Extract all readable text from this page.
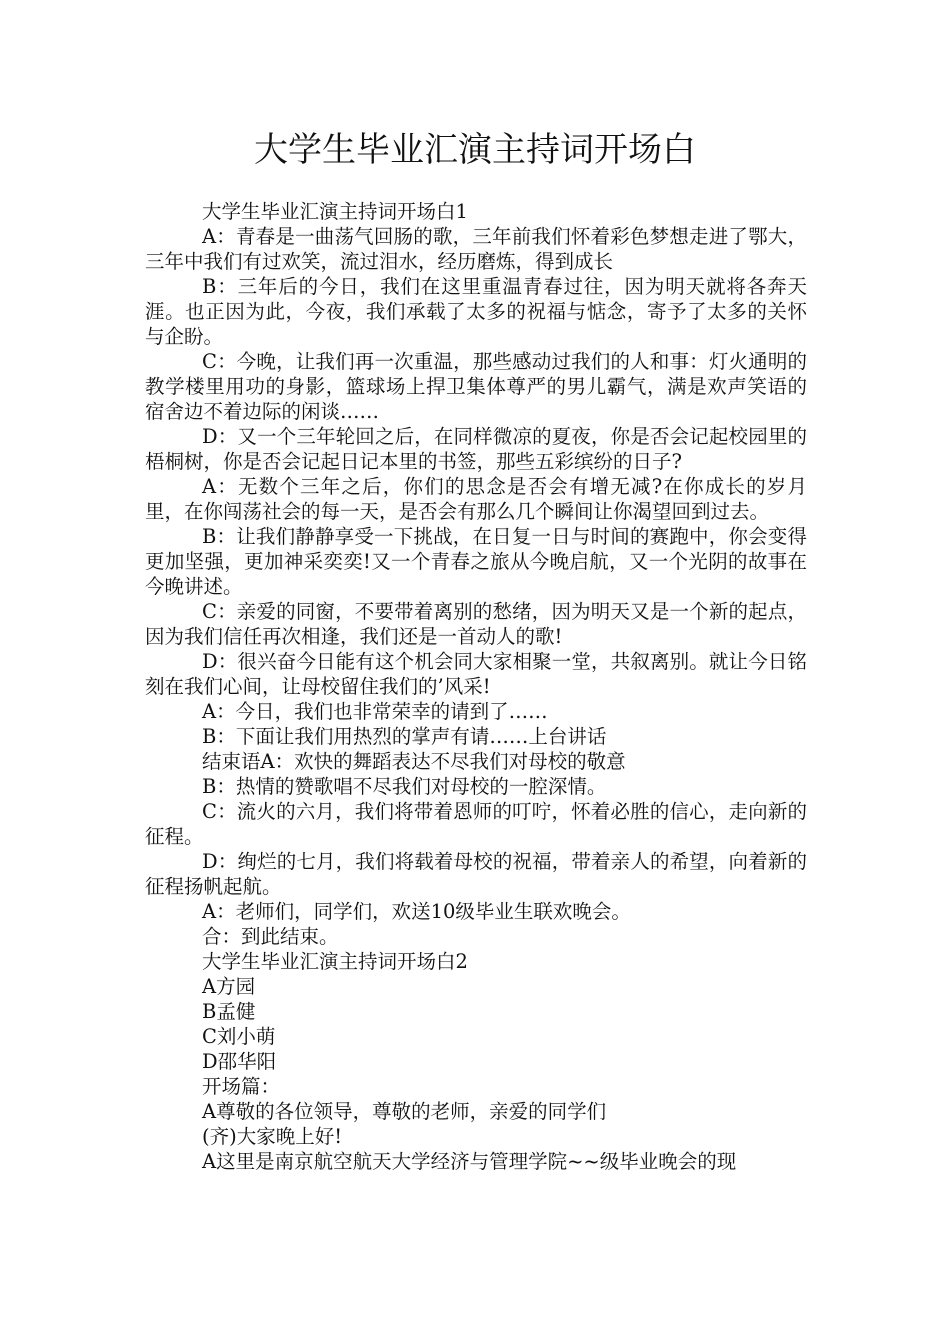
大学生毕业汇演主持词开场白

大学生毕业汇演主持词开场白1

A：青春是一曲荡气回肠的歌，三年前我们怀着彩色梦想走进了鄂大，三年中我们有过欢笑，流过泪水，经历磨炼，得到成长

B：三年后的今日，我们在这里重温青春过往，因为明天就将各奔天涯。也正因为此，今夜，我们承载了太多的祝福与惦念，寄予了太多的关怀与企盼。

C：今晚，让我们再一次重温，那些感动过我们的人和事：灯火通明的教学楼里用功的身影，篮球场上捍卫集体尊严的男儿霸气，满是欢声笑语的宿舍边不着边际的闲谈……

D：又一个三年轮回之后，在同样微凉的夏夜，你是否会记起校园里的梧桐树，你是否会记起日记本里的书签，那些五彩缤纷的日子?

A：无数个三年之后，你们的思念是否会有增无减?在你成长的岁月里，在你闯荡社会的每一天，是否会有那么几个瞬间让你渴望回到过去。

B：让我们静静享受一下挑战，在日复一日与时间的赛跑中，你会变得更加坚强，更加神采奕奕!又一个青春之旅从今晚启航，又一个光阴的故事在今晚讲述。

C：亲爱的同窗，不要带着离别的愁绪，因为明天又是一个新的起点，因为我们信任再次相逢，我们还是一首动人的歌!

D：很兴奋今日能有这个机会同大家相聚一堂，共叙离别。就让今日铭刻在我们心间，让母校留住我们的’风采!

A：今日，我们也非常荣幸的请到了……

B：下面让我们用热烈的掌声有请……上台讲话

结束语A：欢快的舞蹈表达不尽我们对母校的敬意

B：热情的赞歌唱不尽我们对母校的一腔深情。

C：流火的六月，我们将带着恩师的叮咛，怀着必胜的信心，走向新的征程。

D：绚烂的七月，我们将载着母校的祝福，带着亲人的希望，向着新的征程扬帆起航。

A：老师们，同学们，欢送10级毕业生联欢晚会。

合：到此结束。

大学生毕业汇演主持词开场白2

A方园

B孟健

C刘小萌

D邵华阳

开场篇：

A尊敬的各位领导，尊敬的老师，亲爱的同学们

(齐)大家晚上好!

A这里是南京航空航天大学经济与管理学院~~级毕业晚会的现
